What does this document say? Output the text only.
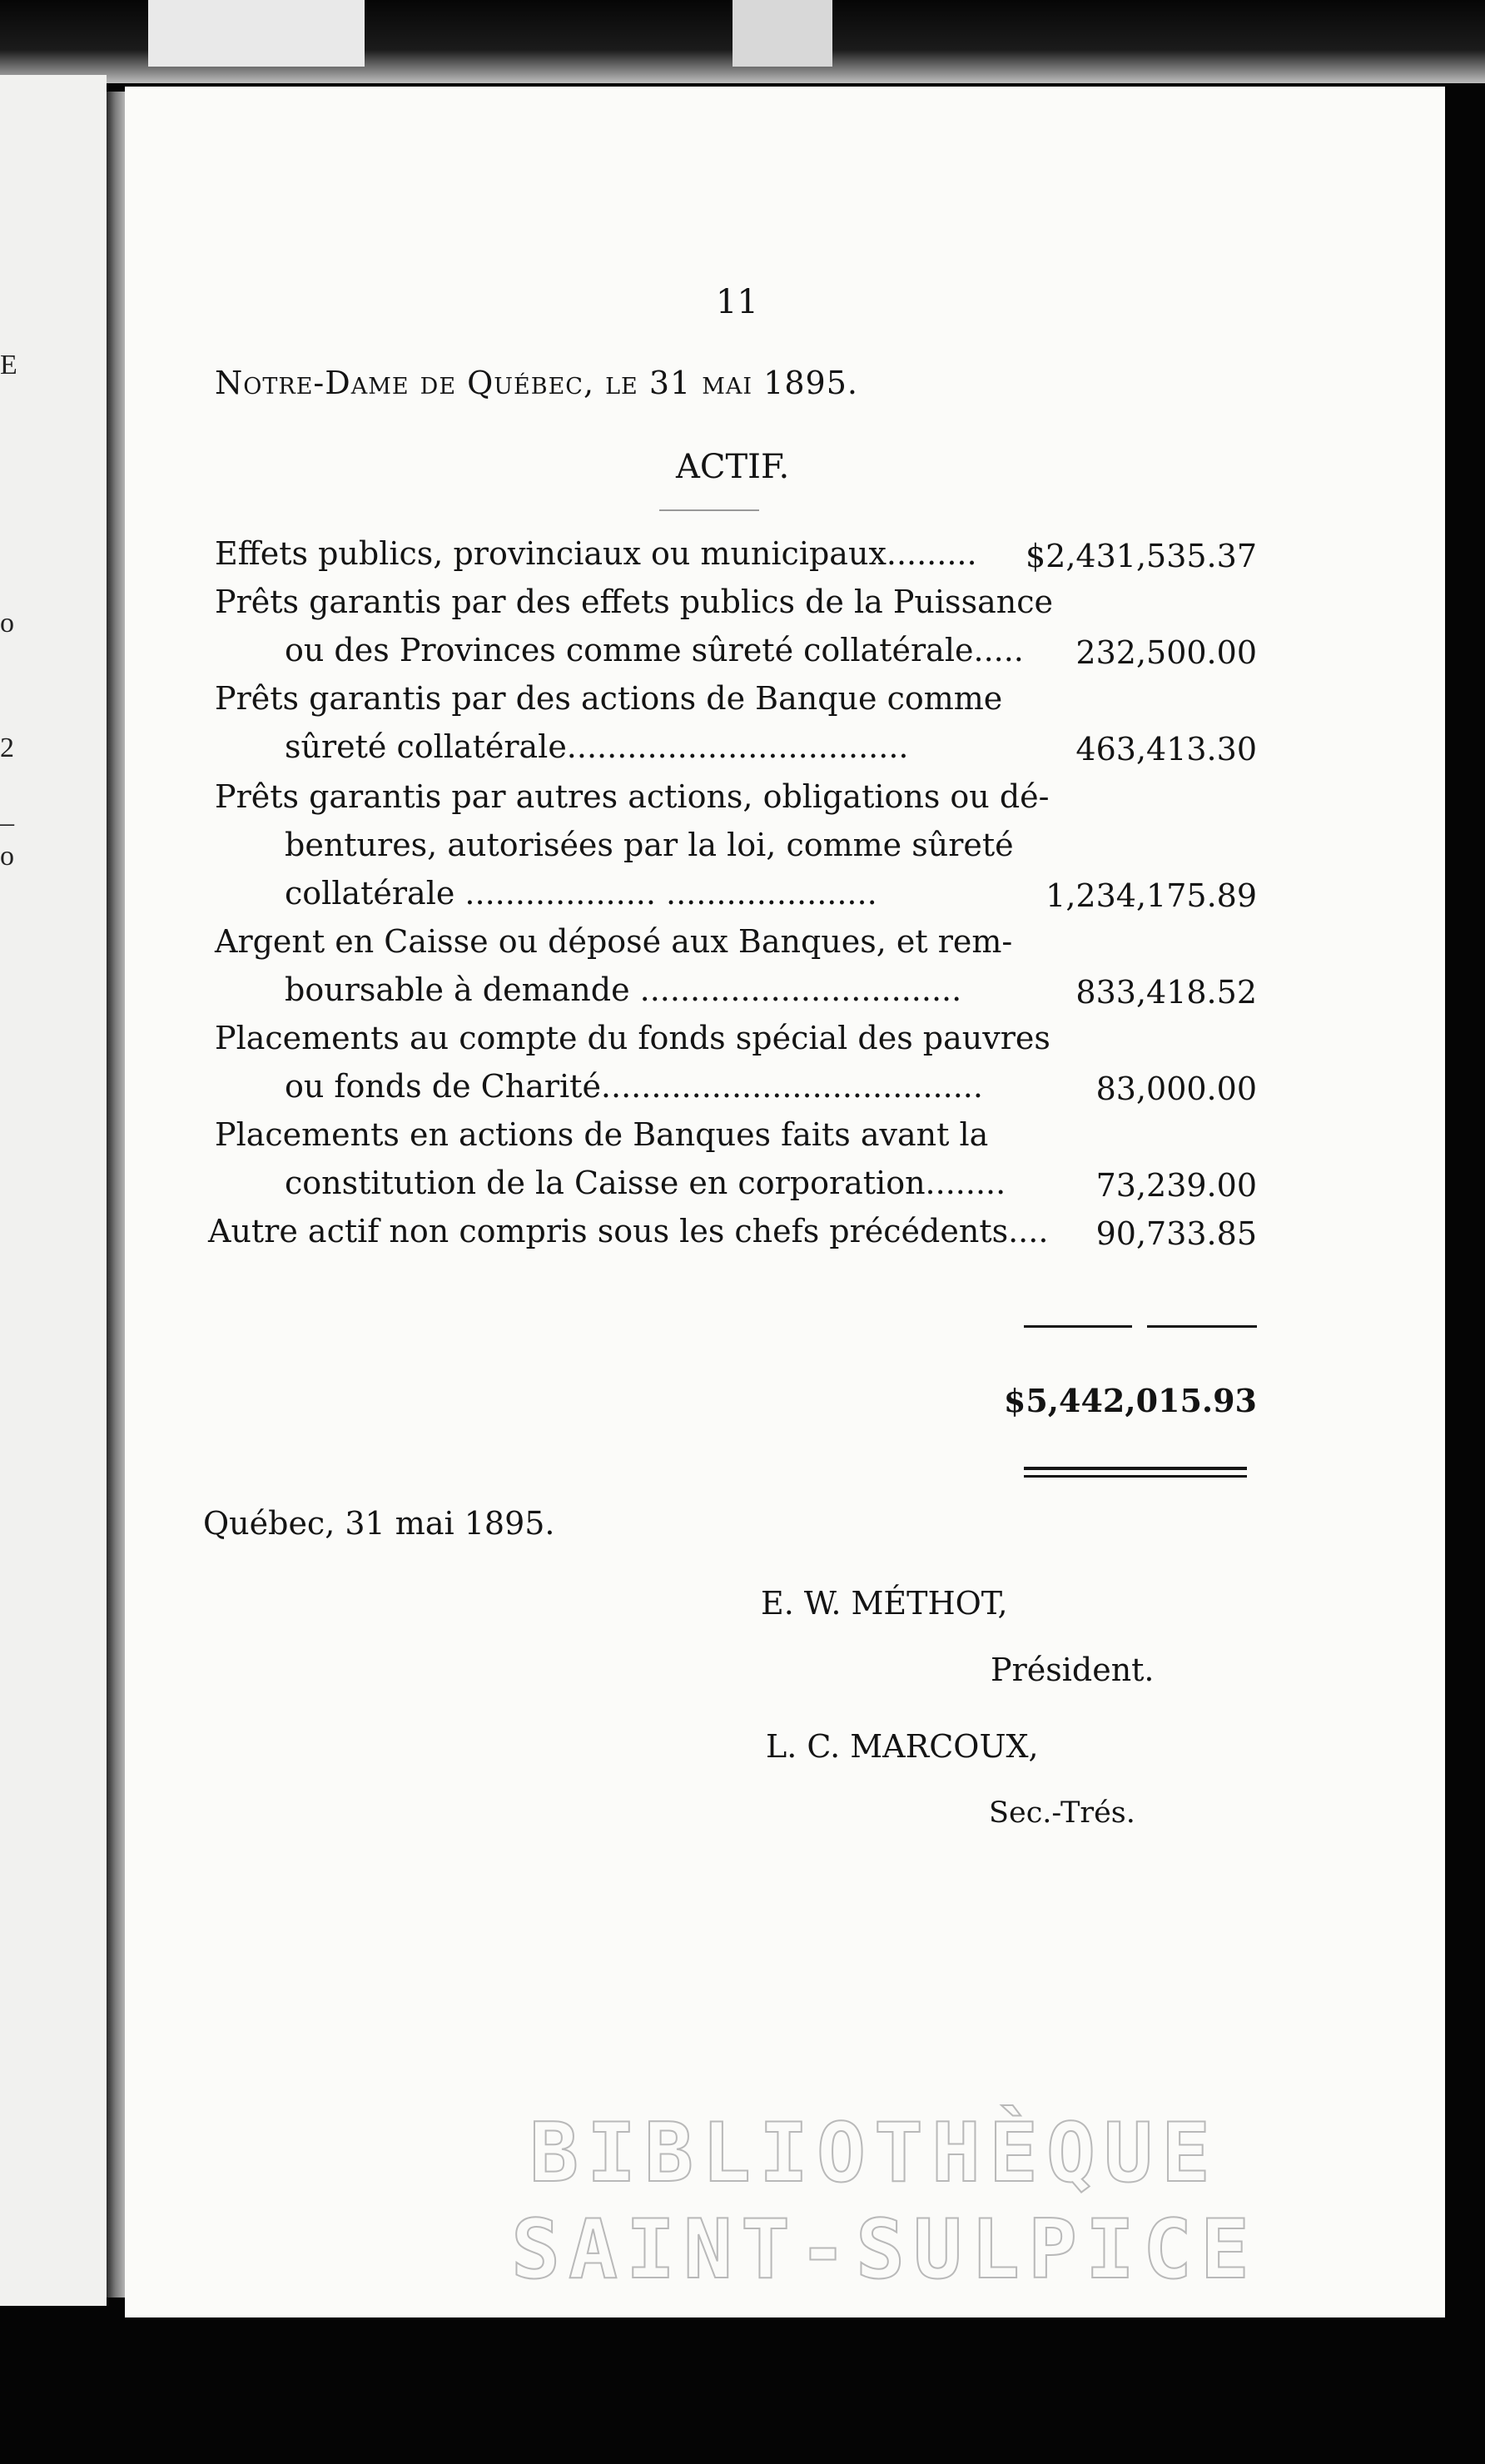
E
o
2
–
o
11
Notre-Dame de Québec, le 31 mai 1895.
ACTIF.
Effets publics, provinciaux ou municipaux.........	$2,431,535.37
Prêts garantis par des effets publics de la Puissance
ou des Provinces comme sûreté collatérale.....	232,500.00
Prêts garantis par des actions de Banque comme
sûreté collatérale..................................	463,413.30
Prêts garantis par autres actions, obligations ou dé-
bentures, autorisées par la loi, comme sûreté
collatérale ................... .....................	1,234,175.89
Argent en Caisse ou déposé aux Banques, et rem-
boursable à demande ................................	833,418.52
Placements au compte du fonds spécial des pauvres
ou fonds de Charité......................................	83,000.00
Placements en actions de Banques faits avant la
constitution de la Caisse en corporation........	73,239.00
Autre actif non compris sous les chefs précédents....	90,733.85
$5,442,015.93
Québec, 31 mai 1895.
E. W. MÉTHOT,
Président.
L. C. MARCOUX,
Sec.-Trés.
BIBLIOTHÈQUE
SAINT-SULPICE
